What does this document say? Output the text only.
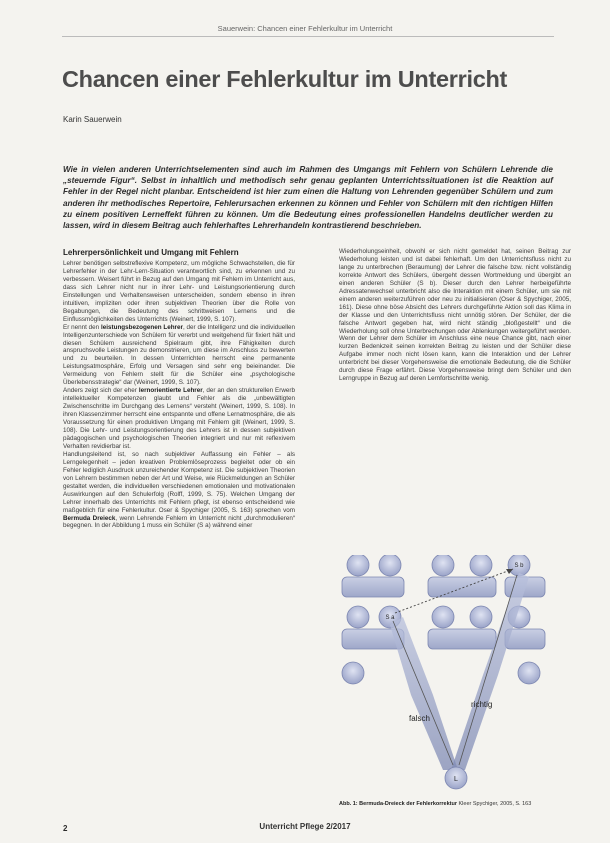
Sauerwein: Chancen einer Fehlerkultur im Unterricht
Chancen einer Fehlerkultur im Unterricht
Karin Sauerwein
Wie in vielen anderen Unterrichtselementen sind auch im Rahmen des Umgangs mit Fehlern von Schülern Lehrende die „steuernde Figur“. Selbst in inhaltlich und methodisch sehr genau geplanten Unterrichtssituationen ist die Reaktion auf Fehler in der Regel nicht planbar. Entscheidend ist hier zum einen die Haltung von Lehrenden gegenüber Schülern und zum anderen ihr methodisches Repertoire, Fehlerursachen erkennen zu können und Fehler von Schülern mit den richtigen Hilfen zu einem positiven Lerneffekt führen zu können. Um die Bedeutung eines professionellen Handelns deutlicher werden zu lassen, wird in diesem Beitrag auch fehlerhaftes Lehrerhandeln kontrastierend beschrieben.
Lehrerpersönlichkeit und Umgang mit Fehlern

Lehrer benötigen selbstreflexive Kompetenz, um mögliche Schwachstellen, die für Lehrerfehler in der Lehr-Lern-Situation verantwortlich sind, zu erkennen und zu verbessern. Weisert führt in Bezug auf den Umgang mit Fehlern im Unterricht aus, dass sich Lehrer nicht nur in ihrer Lehr- und Leistungsorientierung durch Einstellungen und Verhaltensweisen unterscheiden, sondern ebenso in ihren intuitiven, impliziten oder ihren subjektiven Theorien über die Rolle von Begabungen, die Bedeutung des schrittweisen Lernens und die Einflussmöglichkeiten des Unterrichts (Weinert, 1999, S. 107).

Er nennt den leistungsbezogenen Lehrer, der die Intelligenz und die individuellen Intelligenzunterschiede von Schülern für vererbt und weitgehend für fixiert hält und diesen Schülern ausreichend Spielraum gibt, ihre Fähigkeiten durch anspruchsvolle Leistungen zu demonstrieren, um diese im Anschluss zu bewerten und zu beurteilen. In dessen Unterrichten herrscht eine permanente Leistungsatmosphäre, Erfolg und Versagen sind sehr eng beieinander. Die Vermeidung von Fehlern stellt für die Schüler eine „psychologische Überlebensstrategie“ dar (Weinert, 1999, S. 107).

Anders zeigt sich der eher lernorientierte Lehrer, der an den strukturellen Erwerb intellektueller Kompetenzen glaubt und Fehler als die „unbewältigten Zwischenschritte im Durchgang des Lernens“ versteht (Weinert, 1999, S. 108). In ihren Klassenzimmer herrscht eine entspannte und offene Lernatmosphäre, die als Voraussetzung für einen produktiven Umgang mit Fehlern gilt (Weinert, 1999, S. 108). Die Lehr- und Leistungsorientierung des Lehrers ist in dessen subjektiven pädagogischen und psychologischen Theorien integriert und nur mit reflexivem Verhalten revidierbar ist.

Handlungsleitend ist, so nach subjektiver Auffassung ein Fehler – als Lerngelegenheit – jeden kreativen Problemlöseprozess begleitet oder ob ein Fehler lediglich Ausdruck unzureichender Kompetenz ist. Die subjektiven Theorien von Lehrern bestimmen neben der Art und Weise, wie Rückmeldungen an Schüler gestaltet werden, die individuellen verschiedenen emotionalen und motivationalen Auswirkungen auf den Schulerfolg (Rolff, 1999, S. 75). Welchen Umgang der Lehrer innerhalb des Unterrichts mit Fehlern pflegt, ist ebenso entscheidend wie maßgeblich für eine Fehlerkultur. Oser & Spychiger (2005, S. 163) sprechen vom Bermuda Dreieck, wenn Lehrende Fehlern im Unterricht nicht „durchmodulieren“ begegnen. In der Abbildung 1 muss ein Schüler (S a) während einer

Wiederholungseinheit, obwohl er sich nicht gemeldet hat, seinen Beitrag zur Wiederholung leisten und ist dabei fehlerhaft. Um den Unterrichtsfluss nicht zu lange zu unterbrechen (Beraumung) der Lehrer die falsche bzw. nicht vollständig korrekte Antwort des Schülers, übergeht dessen Wortmeldung und übergibt an einen anderen Schüler (S b). Dieser durch den Lehrer herbeigeführte Adressatenwechsel unterbricht also die Interaktion mit einem Schüler, um sie mit einem anderen weiterzuführen oder neu zu initialisieren (Oser & Spychiger, 2005, 161). Diese ohne böse Absicht des Lehrers durchgeführte Aktion soll das Klima in der Klasse und den Unterrichtsfluss nicht unnötig stören. Der Schüler, der die falsche Antwort gegeben hat, wird nicht ständig „bloßgestellt“ und die Wiederholung soll ohne Unterbrechungen oder Ablenkungen weitergeführt werden. Wenn der Lehrer dem Schüler im Anschluss eine neue Chance gibt, nach einer kurzen Bedenkzeit seinen korrekten Beitrag zu leisten und der Schüler diese Aufgabe immer noch nicht lösen kann, kann die Interaktion und der Lehrer unterbricht bei dieser Vorgehensweise die emotionale Bedeutung, die die Schüler durch diese Frage erfährt. Diese Vorgehensweise bringt dem Schüler und den Lerngruppe in Bezug auf deren Lernfortschritte wenig.

S a
S b
falsch
richtig
L
Abb. 1: Bermuda-Dreieck der Fehlerkorrektur Kleer Spychiger, 2005, S. 163
2	Unterricht Pflege 2/2017
